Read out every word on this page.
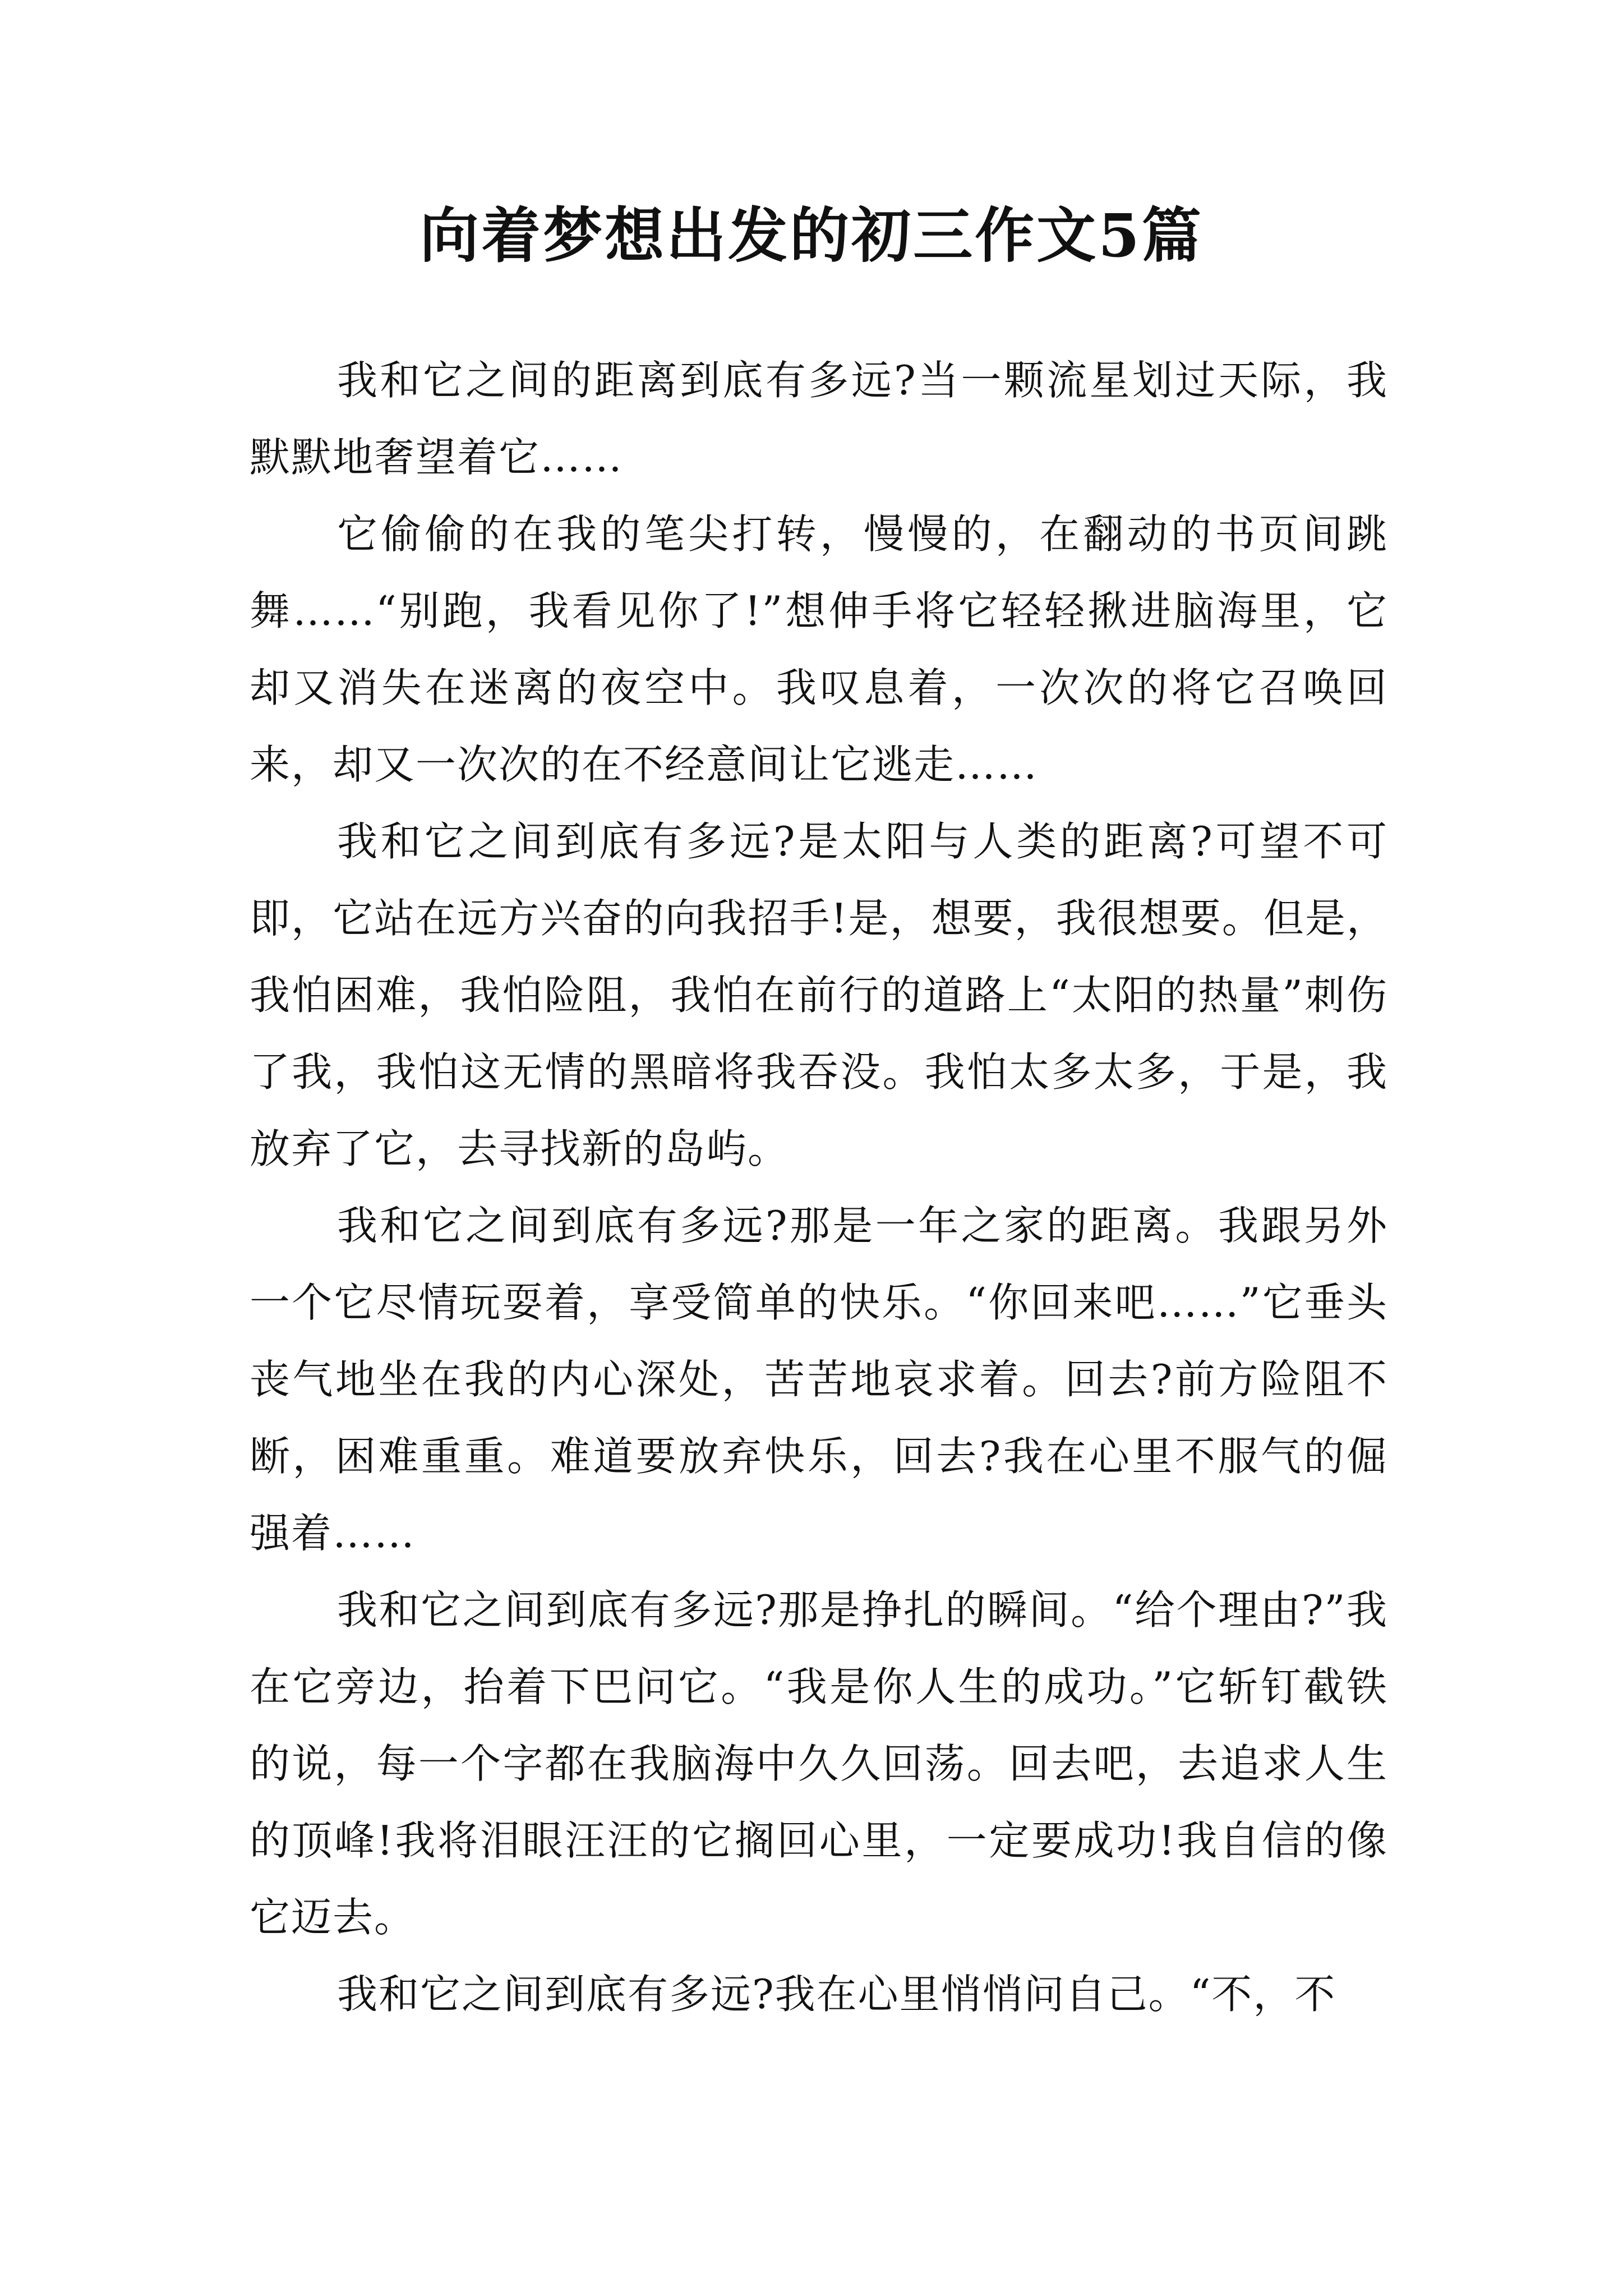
向着梦想出发的初三作文5篇

我和它之间的距离到底有多远?当一颗流星划过天际，我默默地奢望着它……

它偷偷的在我的笔尖打转，慢慢的，在翻动的书页间跳舞……“别跑，我看见你了!”想伸手将它轻轻揪进脑海里，它却又消失在迷离的夜空中。我叹息着，一次次的将它召唤回来，却又一次次的在不经意间让它逃走……

我和它之间到底有多远?是太阳与人类的距离?可望不可即，它站在远方兴奋的向我招手!是，想要，我很想要。但是，我怕困难，我怕险阻，我怕在前行的道路上“太阳的热量”刺伤了我，我怕这无情的黑暗将我吞没。我怕太多太多，于是，我放弃了它，去寻找新的岛屿。

我和它之间到底有多远?那是一年之家的距离。我跟另外一个它尽情玩耍着，享受简单的快乐。“你回来吧……”它垂头丧气地坐在我的内心深处，苦苦地哀求着。回去?前方险阻不断，困难重重。难道要放弃快乐，回去?我在心里不服气的倔强着……

我和它之间到底有多远?那是挣扎的瞬间。“给个理由?”我在它旁边，抬着下巴问它。“我是你人生的成功。”它斩钉截铁的说，每一个字都在我脑海中久久回荡。回去吧，去追求人生的顶峰!我将泪眼汪汪的它搁回心里，一定要成功!我自信的像它迈去。

我和它之间到底有多远?我在心里悄悄问自己。“不，不
